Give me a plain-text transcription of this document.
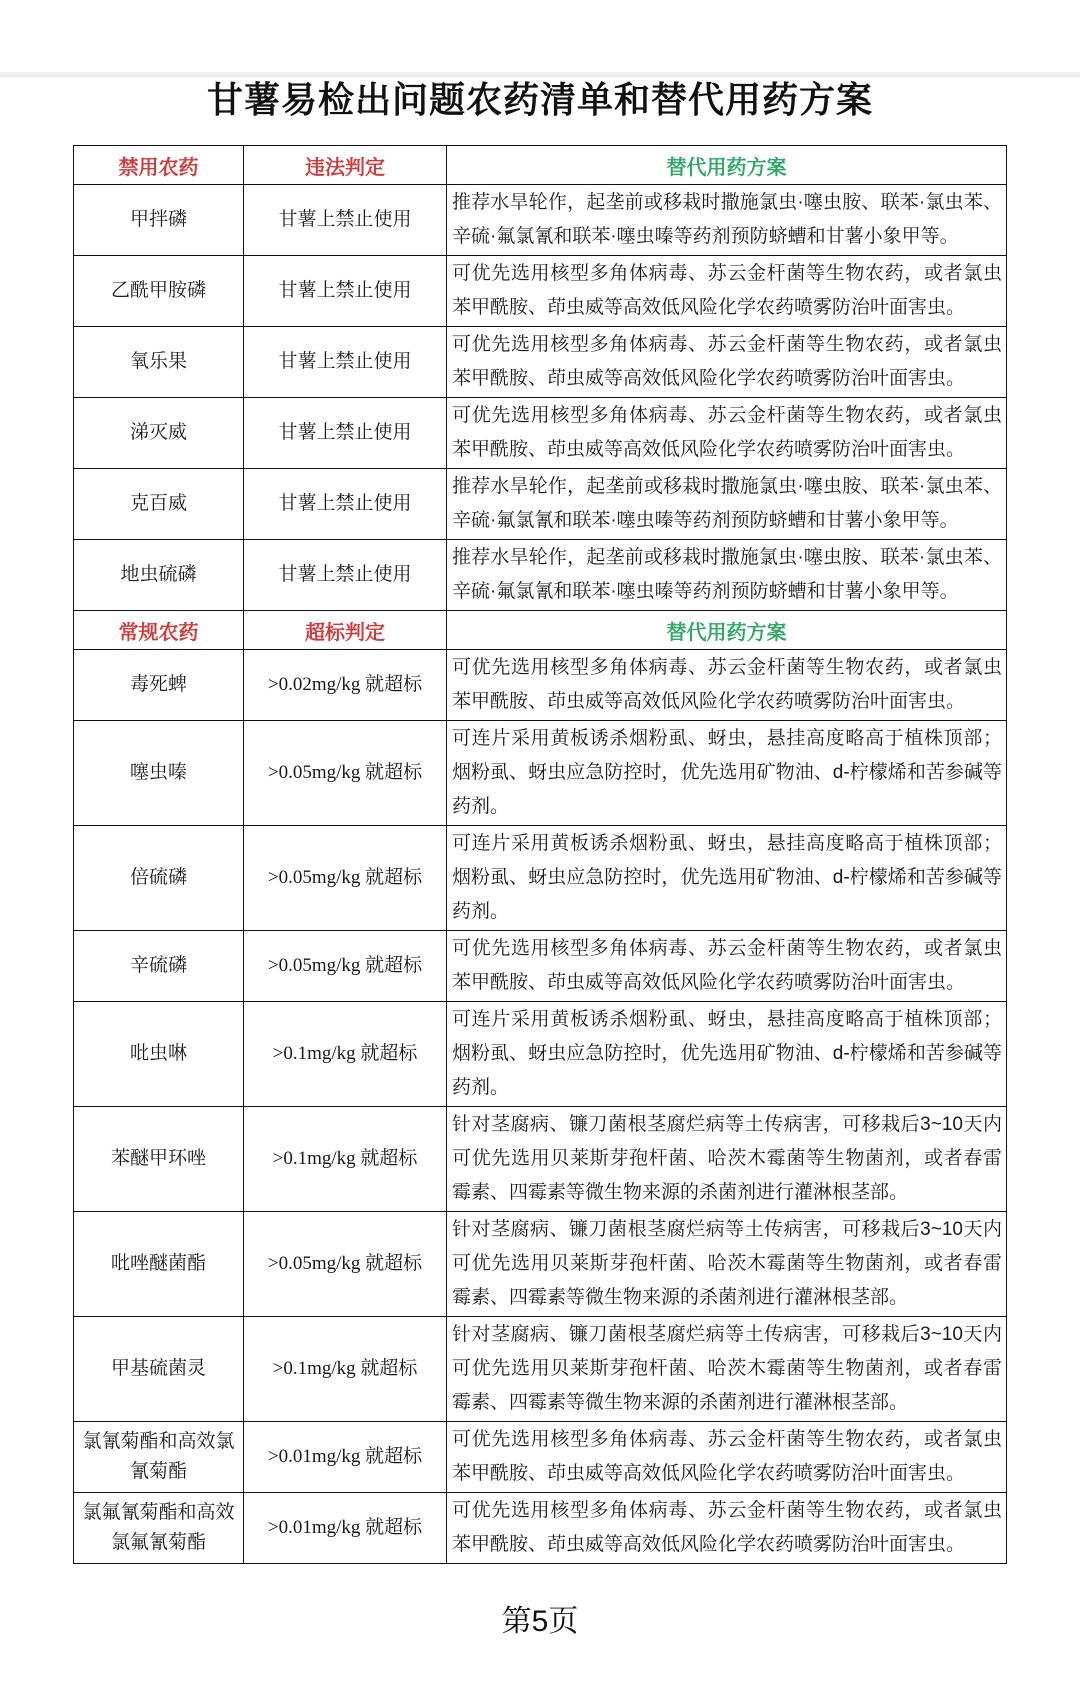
甘薯易检出问题农药清单和替代用药方案
禁用农药	违法判定	替代用药方案
甲拌磷	甘薯上禁止使用	推荐水旱轮作，起垄前或移栽时撒施氯虫·噻虫胺、联苯·氯虫苯、辛硫·氟氯氰和联苯·噻虫嗪等药剂预防蛴螬和甘薯小象甲等。
乙酰甲胺磷	甘薯上禁止使用	可优先选用核型多角体病毒、苏云金杆菌等生物农药，或者氯虫苯甲酰胺、茚虫威等高效低风险化学农药喷雾防治叶面害虫。
氧乐果	甘薯上禁止使用	可优先选用核型多角体病毒、苏云金杆菌等生物农药，或者氯虫苯甲酰胺、茚虫威等高效低风险化学农药喷雾防治叶面害虫。
涕灭威	甘薯上禁止使用	可优先选用核型多角体病毒、苏云金杆菌等生物农药，或者氯虫苯甲酰胺、茚虫威等高效低风险化学农药喷雾防治叶面害虫。
克百威	甘薯上禁止使用	推荐水旱轮作，起垄前或移栽时撒施氯虫·噻虫胺、联苯·氯虫苯、辛硫·氟氯氰和联苯·噻虫嗪等药剂预防蛴螬和甘薯小象甲等。
地虫硫磷	甘薯上禁止使用	推荐水旱轮作，起垄前或移栽时撒施氯虫·噻虫胺、联苯·氯虫苯、辛硫·氟氯氰和联苯·噻虫嗪等药剂预防蛴螬和甘薯小象甲等。
常规农药	超标判定	替代用药方案
毒死蜱	>0.02mg/kg 就超标	可优先选用核型多角体病毒、苏云金杆菌等生物农药，或者氯虫苯甲酰胺、茚虫威等高效低风险化学农药喷雾防治叶面害虫。
噻虫嗪	>0.05mg/kg 就超标	可连片采用黄板诱杀烟粉虱、蚜虫，悬挂高度略高于植株顶部；烟粉虱、蚜虫应急防控时，优先选用矿物油、d-柠檬烯和苦参碱等药剂。
倍硫磷	>0.05mg/kg 就超标	可连片采用黄板诱杀烟粉虱、蚜虫，悬挂高度略高于植株顶部；烟粉虱、蚜虫应急防控时，优先选用矿物油、d-柠檬烯和苦参碱等药剂。
辛硫磷	>0.05mg/kg 就超标	可优先选用核型多角体病毒、苏云金杆菌等生物农药，或者氯虫苯甲酰胺、茚虫威等高效低风险化学农药喷雾防治叶面害虫。
吡虫啉	>0.1mg/kg 就超标	可连片采用黄板诱杀烟粉虱、蚜虫，悬挂高度略高于植株顶部；烟粉虱、蚜虫应急防控时，优先选用矿物油、d-柠檬烯和苦参碱等药剂。
苯醚甲环唑	>0.1mg/kg 就超标	针对茎腐病、镰刀菌根茎腐烂病等土传病害，可移栽后3~10天内可优先选用贝莱斯芽孢杆菌、哈茨木霉菌等生物菌剂，或者春雷霉素、四霉素等微生物来源的杀菌剂进行灌淋根茎部。
吡唑醚菌酯	>0.05mg/kg 就超标	针对茎腐病、镰刀菌根茎腐烂病等土传病害，可移栽后3~10天内可优先选用贝莱斯芽孢杆菌、哈茨木霉菌等生物菌剂，或者春雷霉素、四霉素等微生物来源的杀菌剂进行灌淋根茎部。
甲基硫菌灵	>0.1mg/kg 就超标	针对茎腐病、镰刀菌根茎腐烂病等土传病害，可移栽后3~10天内可优先选用贝莱斯芽孢杆菌、哈茨木霉菌等生物菌剂，或者春雷霉素、四霉素等微生物来源的杀菌剂进行灌淋根茎部。
氯氰菊酯和高效氯氰菊酯	>0.01mg/kg 就超标	可优先选用核型多角体病毒、苏云金杆菌等生物农药，或者氯虫苯甲酰胺、茚虫威等高效低风险化学农药喷雾防治叶面害虫。
氯氟氰菊酯和高效氯氟氰菊酯	>0.01mg/kg 就超标	可优先选用核型多角体病毒、苏云金杆菌等生物农药，或者氯虫苯甲酰胺、茚虫威等高效低风险化学农药喷雾防治叶面害虫。
第5页
